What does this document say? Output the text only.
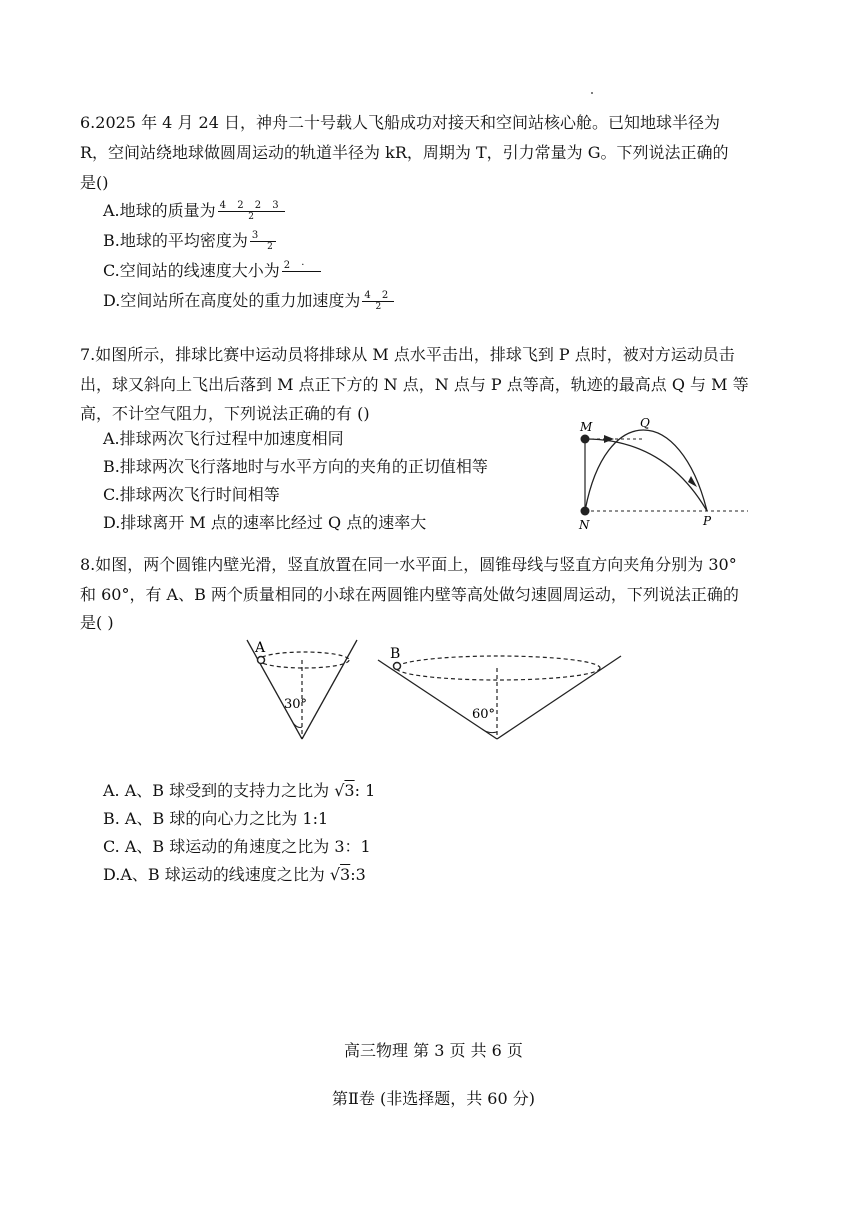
6.2025 年 4 月 24 日，神舟二十号载人飞船成功对接天和空间站核心舱。已知地球半径为
R，空间站绕地球做圆周运动的轨道半径为 kR，周期为 T，引力常量为 G。下列说法正确的
是()
A.地球的质量为 $\frac{4 2 2 3}{2}$
B.地球的平均密度为 $\frac{3}{2}$
C.空间站的线速度大小为 2 ·

D.空间站所在高度处的重力加速度为 $\frac{4 2}{2}$
7.如图所示，排球比赛中运动员将排球从 M 点水平击出，排球飞到 P 点时，被对方运动员击
出，球又斜向上飞出后落到 M 点正下方的 N 点，N 点与 P 点等高，轨迹的最高点 Q 与 M 等
高，不计空气阻力，下列说法正确的有 ()
A.排球两次飞行过程中加速度相同
B.排球两次飞行落地时与水平方向的夹角的正切值相等
C.排球两次飞行时间相等
D.排球离开 M 点的速率比经过 Q 点的速率大
M	Q
N	P
8.如图，两个圆锥内壁光滑，竖直放置在同一水平面上，圆锥母线与竖直方向夹角分别为 30°
和 60°，有 A、B 两个质量相同的小球在两圆锥内壁等高处做匀速圆周运动，下列说法正确的
是( )
A
30°
B
60°
A. A、B 球受到的支持力之比为 √3: 1
B. A、B 球的向心力之比为 1:1
C. A、B 球运动的角速度之比为 3：1
D.A、B 球运动的线速度之比为 √3:3
高三物理 第 3 页 共 6 页
第Ⅱ卷 (非选择题，共 60 分)
